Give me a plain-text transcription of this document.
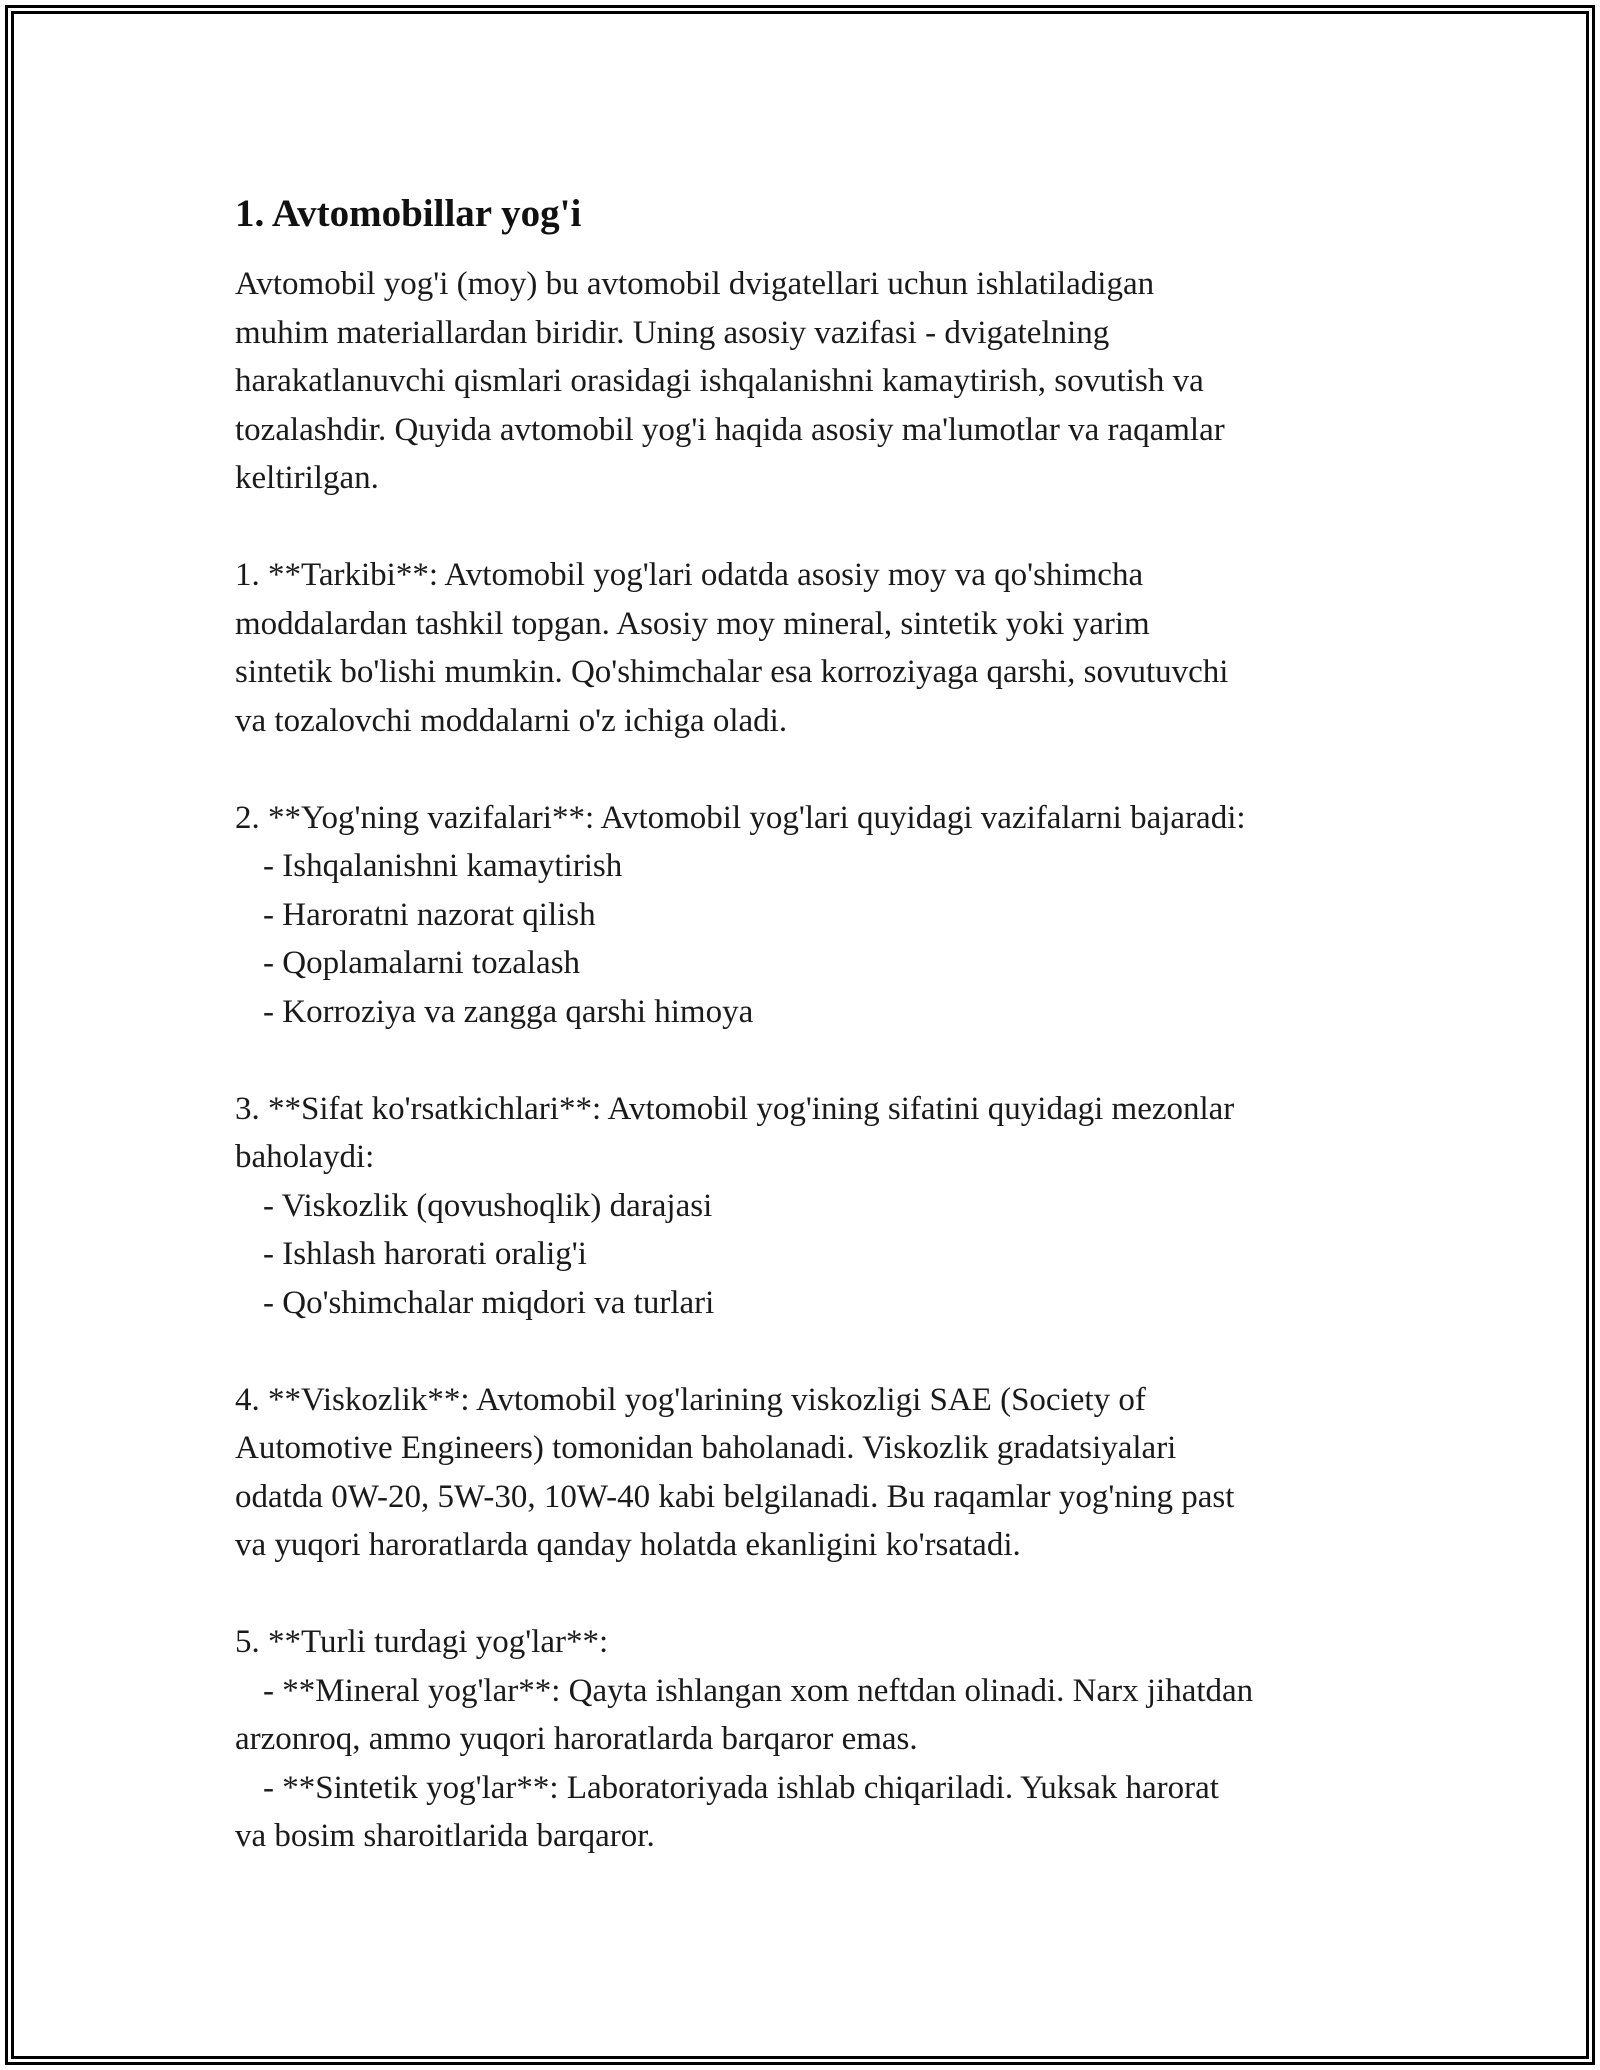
1. Avtomobillar yog'i
Avtomobil yog'i (moy) bu avtomobil dvigatellari uchun ishlatiladigan
muhim materiallardan biridir. Uning asosiy vazifasi - dvigatelning
harakatlanuvchi qismlari orasidagi ishqalanishni kamaytirish, sovutish va
tozalashdir. Quyida avtomobil yog'i haqida asosiy ma'lumotlar va raqamlar
keltirilgan.
1. **Tarkibi**: Avtomobil yog'lari odatda asosiy moy va qo'shimcha
moddalardan tashkil topgan. Asosiy moy mineral, sintetik yoki yarim
sintetik bo'lishi mumkin. Qo'shimchalar esa korroziyaga qarshi, sovutuvchi
va tozalovchi moddalarni o'z ichiga oladi.
2. **Yog'ning vazifalari**: Avtomobil yog'lari quyidagi vazifalarni bajaradi:
- Ishqalanishni kamaytirish
- Haroratni nazorat qilish
- Qoplamalarni tozalash
- Korroziya va zangga qarshi himoya
3. **Sifat ko'rsatkichlari**: Avtomobil yog'ining sifatini quyidagi mezonlar
baholaydi:
- Viskozlik (qovushoqlik) darajasi
- Ishlash harorati oralig'i
- Qo'shimchalar miqdori va turlari
4. **Viskozlik**: Avtomobil yog'larining viskozligi SAE (Society of
Automotive Engineers) tomonidan baholanadi. Viskozlik gradatsiyalari
odatda 0W-20, 5W-30, 10W-40 kabi belgilanadi. Bu raqamlar yog'ning past
va yuqori haroratlarda qanday holatda ekanligini ko'rsatadi.
5. **Turli turdagi yog'lar**:
- **Mineral yog'lar**: Qayta ishlangan xom neftdan olinadi. Narx jihatdan
arzonroq, ammo yuqori haroratlarda barqaror emas.
- **Sintetik yog'lar**: Laboratoriyada ishlab chiqariladi. Yuksak harorat
va bosim sharoitlarida barqaror.
